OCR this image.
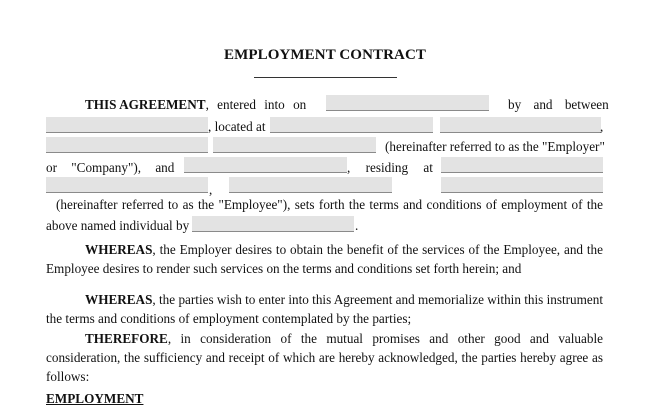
EMPLOYMENT CONTRACT
THIS AGREEMENT, entered into on	by and between
, located at	,
(hereinafter referred to as the "Employer"
or "Company"), and	, residing at
,
(hereinafter referred to as the "Employee"), sets forth the terms and conditions of employment of the
above named individual by	.
WHEREAS, the Employer desires to obtain the benefit of the services of the Employee, and the Employee desires to render such services on the terms and conditions set forth herein; and
WHEREAS, the parties wish to enter into this Agreement and memorialize within this instrument the terms and conditions of employment contemplated by the parties;
THEREFORE, in consideration of the mutual promises and other good and valuable consideration, the sufficiency and receipt of which are hereby acknowledged, the parties hereby agree as follows:
EMPLOYMENT
